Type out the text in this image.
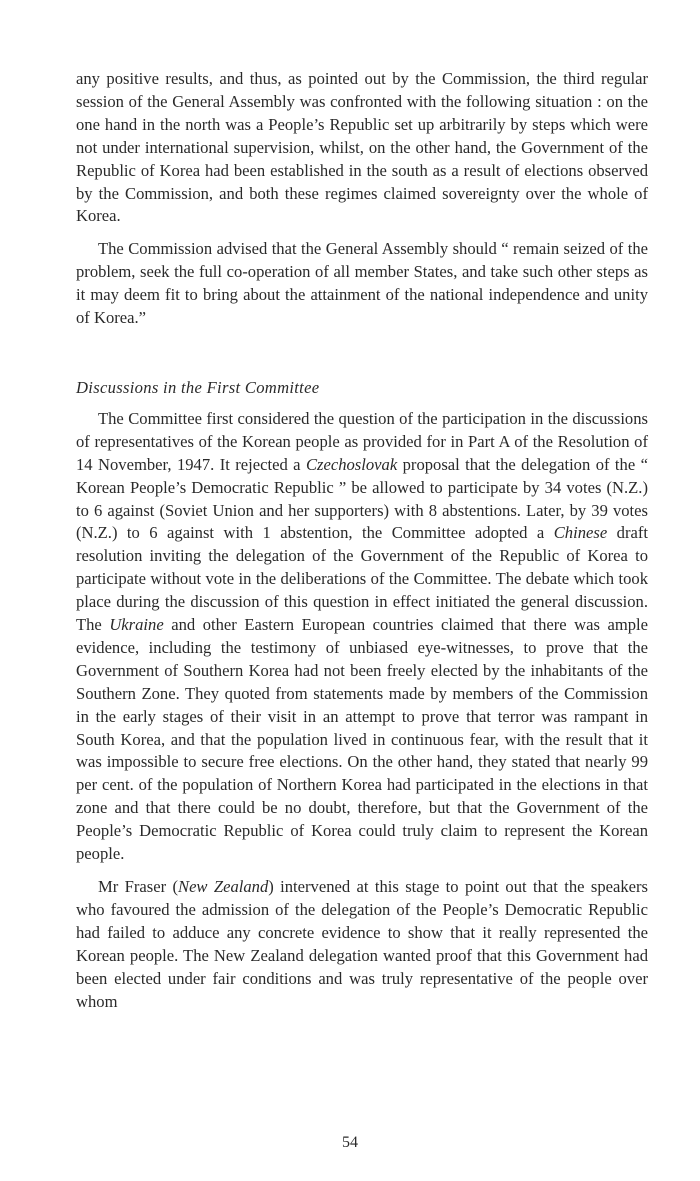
any positive results, and thus, as pointed out by the Commission, the third regular session of the General Assembly was confronted with the following situation : on the one hand in the north was a People’s Republic set up arbitrarily by steps which were not under international supervision, whilst, on the other hand, the Government of the Republic of Korea had been established in the south as a result of elections observed by the Commission, and both these regimes claimed sovereignty over the whole of Korea.

The Commission advised that the General Assembly should “ remain seized of the problem, seek the full co-operation of all member States, and take such other steps as it may deem fit to bring about the attainment of the national independence and unity of Korea.”

Discussions in the First Committee

The Committee first considered the question of the participation in the discussions of representatives of the Korean people as provided for in Part A of the Resolution of 14 November, 1947. It rejected a Czechoslovak proposal that the delegation of the “ Korean People’s Democratic Republic ” be allowed to participate by 34 votes (N.Z.) to 6 against (Soviet Union and her supporters) with 8 abstentions. Later, by 39 votes (N.Z.) to 6 against with 1 abstention, the Committee adopted a Chinese draft resolution inviting the delegation of the Government of the Republic of Korea to participate without vote in the deliberations of the Committee. The debate which took place during the discussion of this question in effect initiated the general discussion. The Ukraine and other Eastern European countries claimed that there was ample evidence, including the testimony of unbiased eye-witnesses, to prove that the Government of Southern Korea had not been freely elected by the inhabitants of the Southern Zone. They quoted from statements made by members of the Commission in the early stages of their visit in an attempt to prove that terror was rampant in South Korea, and that the population lived in continuous fear, with the result that it was impossible to secure free elections. On the other hand, they stated that nearly 99 per cent. of the population of Northern Korea had participated in the elections in that zone and that there could be no doubt, therefore, but that the Government of the People’s Democratic Republic of Korea could truly claim to represent the Korean people.

Mr Fraser (New Zealand) intervened at this stage to point out that the speakers who favoured the admission of the delegation of the People’s Democratic Republic had failed to adduce any concrete evidence to show that it really represented the Korean people. The New Zealand delegation wanted proof that this Government had been elected under fair conditions and was truly representative of the people over whom

54
